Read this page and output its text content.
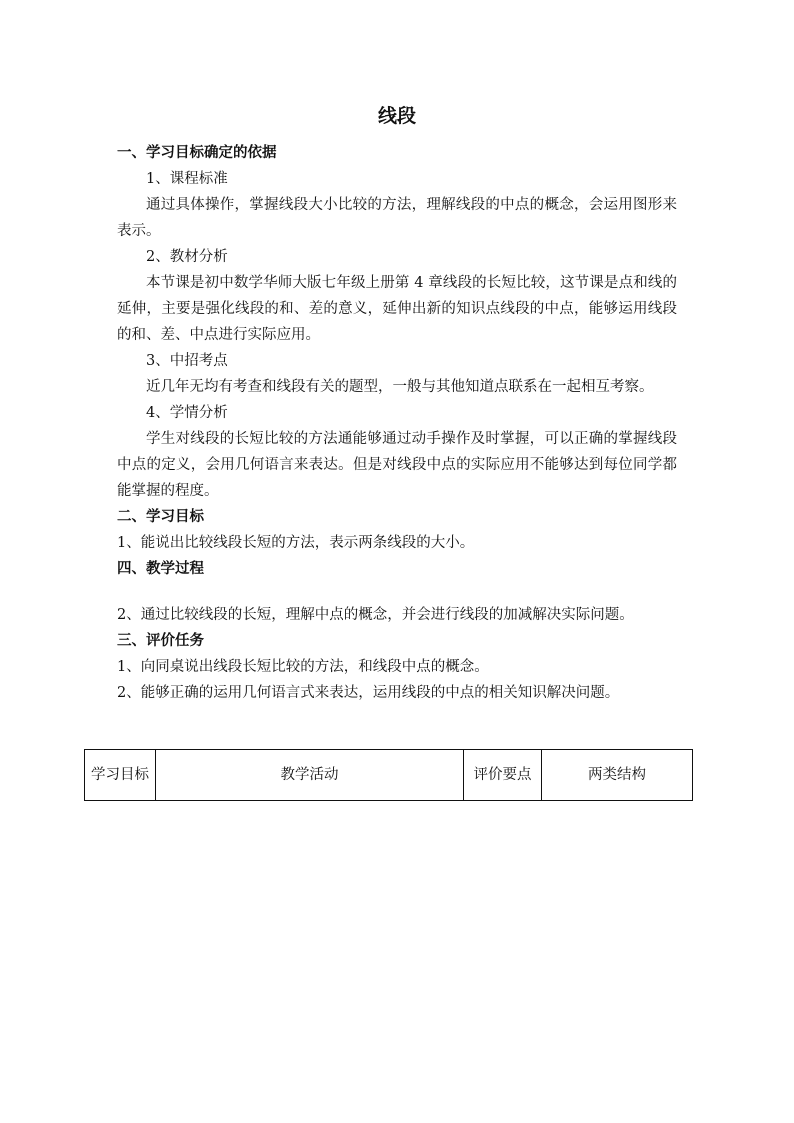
线段

一、学习目标确定的依据

1、课程标准

通过具体操作，掌握线段大小比较的方法，理解线段的中点的概念，会运用图形来表示。

2、教材分析

本节课是初中数学华师大版七年级上册第 4 章线段的长短比较，这节课是点和线的延伸，主要是强化线段的和、差的意义，延伸出新的知识点线段的中点，能够运用线段的和、差、中点进行实际应用。

3、中招考点

近几年无均有考查和线段有关的题型，一般与其他知道点联系在一起相互考察。

4、学情分析

学生对线段的长短比较的方法通能够通过动手操作及时掌握，可以正确的掌握线段中点的定义，会用几何语言来表达。但是对线段中点的实际应用不能够达到每位同学都能掌握的程度。

二、学习目标

1、能说出比较线段长短的方法，表示两条线段的大小。

四、教学过程

2、通过比较线段的长短，理解中点的概念，并会进行线段的加减解决实际问题。

三、评价任务

1、向同桌说出线段长短比较的方法，和线段中点的概念。

2、能够正确的运用几何语言式来表达，运用线段的中点的相关知识解决问题。

学习目标	教学活动	评价要点	两类结构
